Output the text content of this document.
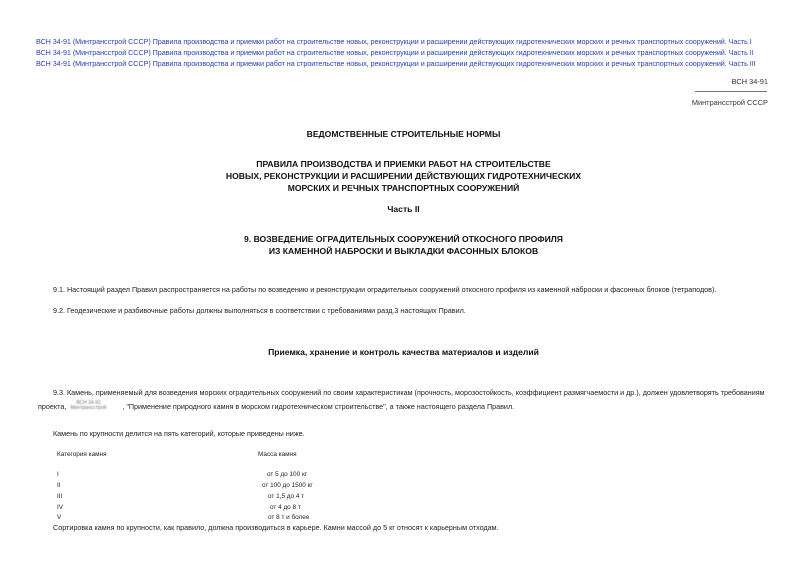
ВСН 34-91 (Минтрансстрой СССР) Правила производства и приемки работ на строительстве новых, реконструкции и расширении действующих гидротехнических морских и речных транспортных сооружений. Часть I
ВСН 34-91 (Минтрансстрой СССР) Правила производства и приемки работ на строительстве новых, реконструкции и расширении действующих гидротехнических морских и речных транспортных сооружений. Часть II
ВСН 34-91 (Минтрансстрой СССР) Правила производства и приемки работ на строительстве новых, реконструкции и расширении действующих гидротехнических морских и речных транспортных сооружений. Часть III
ВСН 34-91
Минтрансстрой СССР
ВЕДОМСТВЕННЫЕ СТРОИТЕЛЬНЫЕ НОРМЫ
ПРАВИЛА ПРОИЗВОДСТВА И ПРИЕМКИ РАБОТ НА СТРОИТЕЛЬСТВЕ
НОВЫХ, РЕКОНСТРУКЦИИ И РАСШИРЕНИИ ДЕЙСТВУЮЩИХ ГИДРОТЕХНИЧЕСКИХ
МОРСКИХ И РЕЧНЫХ ТРАНСПОРТНЫХ СООРУЖЕНИЙ
Часть II
9. ВОЗВЕДЕНИЕ ОГРАДИТЕЛЬНЫХ СООРУЖЕНИЙ ОТКОСНОГО ПРОФИЛЯ
ИЗ КАМЕННОЙ НАБРОСКИ И ВЫКЛАДКИ ФАСОННЫХ БЛОКОВ
9.1. Настоящий раздел Правил распространяется на работы по возведению и реконструкции оградительных сооружений откосного профиля из каменной наброски и фасонных блоков (тетраподов).
9.2. Геодезические и разбивочные работы должны выполняться в соответствии с требованиями разд.3 настоящих Правил.
Приемка, хранение и контроль качества материалов и изделий
9.3. Камень, применяемый для возведения морских оградительных сооружений по своим характеристикам (прочность, морозостойкость, коэффициент размягчаемости и др.), должен удовлетворять требованиям
проекта, ВСН 34-91
Минтрансстрой , "Применение природного камня в морском гидротехническом строительстве", а также настоящего раздела Правил.
Камень по крупности делится на пять категорий, которые приведены ниже.
Категория камня	Масса камня
I	от 5 до 100 кг
II	от 100 до 1500 кг
III	от 1,5 до 4 т
IV	от 4 до 8 т
V	от 8 т и более
Сортировка камня по крупности, как правило, должна производиться в карьере. Камни массой до 5 кг относят к карьерным отходам.
